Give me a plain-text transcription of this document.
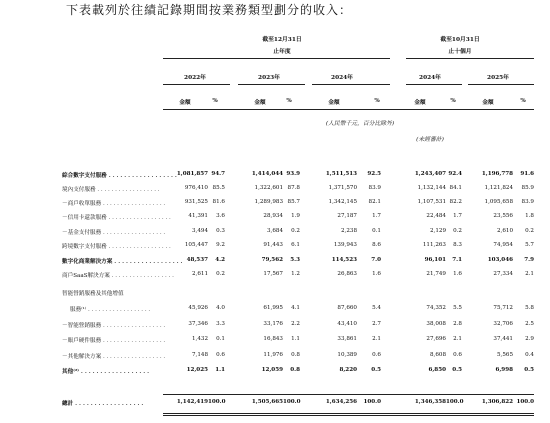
下表載列於往績記錄期間按業務類型劃分的收入：
截至12月31日
止年度
截至10月31日
止十個月
2022年	2023年	2024年	2024年	2025年
金額	%	金額	%	金額	%	金額	%	金額	%
(人民幣千元，百分比除外)
(未經審計)
綜合數字支付服務 . . . . . . . . . . . . . . . . . . 1,081,857 94.7	1,414,044 93.9	1,511,513	92.5	1,243,407 92.4	1,196,778	91.6
境內支付服務 . . . . . . . . . . . . . . . . . .	976,410 85.5	1,322,601 87.8	1,371,570	83.9	1,132,144 84.1	1,121,824	85.9
－商戶收單服務 . . . . . . . . . . . . . . . . . .	931,525 81.6	1,289,983 85.7	1,342,145	82.1	1,107,531 82.2	1,095,658	83.9
－信用卡還款服務 . . . . . . . . . . . . . . . . . .	41,391	3.6	28,934	1.9	27,187	1.7	22,484	1.7	23,556	1.8
－基金支付服務 . . . . . . . . . . . . . . . . . .	3,494	0.3	3,684	0.2	2,238	0.1	2,129	0.2	2,610	0.2
跨境數字支付服務 . . . . . . . . . . . . . . . . . .	105,447	9.2	91,443	6.1	139,943	8.6	111,263	8.3	74,954	5.7
數字化商業解決方案 . . . . . . . . . . . . . . . . . . 48,537	4.2	79,562	5.3	114,523	7.0	96,101	7.1	103,046	7.9
商戶SaaS解決方案 . . . . . . . . . . . . . . . . . .	2,611	0.2	17,567	1.2	26,863	1.6	21,749	1.6	27,334	2.1
智能營銷服務及其他增值
服務⁽¹⁾ . . . . . . . . . . . . . . . . . .	45,926	4.0	61,995	4.1	87,660	5.4	74,352	5.5	75,712	5.8
－智能營銷服務 . . . . . . . . . . . . . . . . . .	37,346	3.3	33,176	2.2	43,410	2.7	38,008	2.8	32,706	2.5
－賬戶硬件服務 . . . . . . . . . . . . . . . . . .	1,432	0.1	16,843	1.1	33,861	2.1	27,696	2.1	37,441	2.9
－其他解決方案 . . . . . . . . . . . . . . . . . .	7,148	0.6	11,976	0.8	10,389	0.6	8,608	0.6	5,565	0.4
其他⁽²⁾ . . . . . . . . . . . . . . . . . .	12,025	1.1	12,059	0.8	8,220	0.5	6,850	0.5	6,998	0.5
總計 . . . . . . . . . . . . . . . . . .	1,142,419 100.0	1,505,665 100.0	1,634,256	100.0	1,346,358 100.0	1,306,822 100.0
